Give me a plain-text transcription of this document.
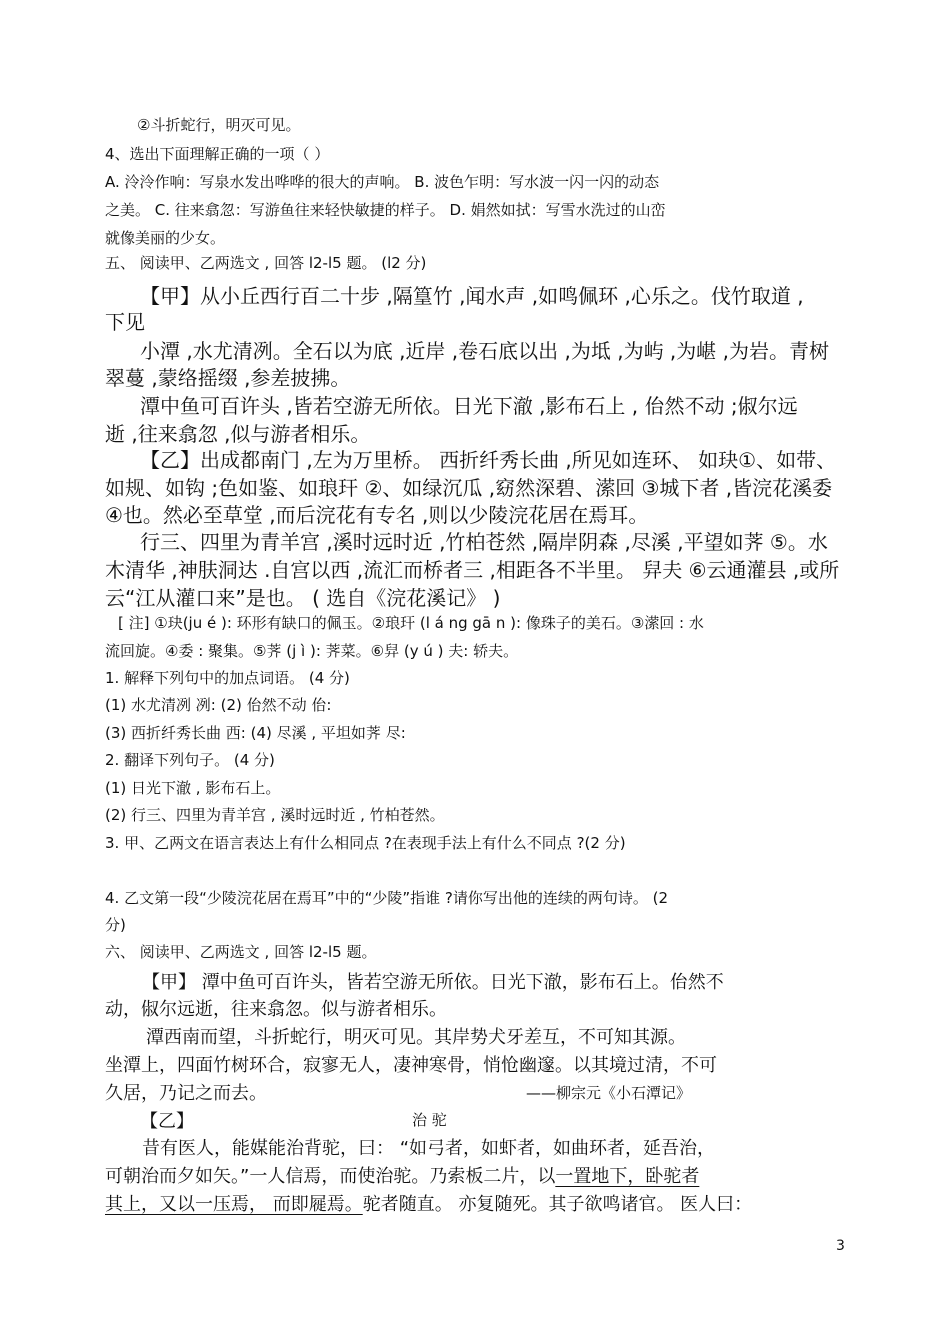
②斗折蛇行，明灭可见。
4、选出下面理解正确的一项（ ）
A. 泠泠作响：写泉水发出哗哗的很大的声响。 B. 波色乍明：写水波一闪一闪的动态
之美。 C. 往来翕忽：写游鱼往来轻快敏捷的样子。 D. 娟然如拭：写雪水洗过的山峦
就像美丽的少女。
五、 阅读甲、乙两选文 , 回答 l2-l5 题。 (l2 分)
【甲】从小丘西行百二十步 ,隔篁竹 ,闻水声 ,如鸣佩环 ,心乐之。伐竹取道 ,
下见
小潭 ,水尤清冽。全石以为底 ,近岸 ,卷石底以出 ,为坻 ,为屿 ,为嵁 ,为岩。青树
翠蔓 ,蒙络摇缀 ,参差披拂。
潭中鱼可百许头 ,皆若空游无所依。日光下澈 ,影布石上 , 佁然不动 ;俶尔远
逝 ,往来翕忽 ,似与游者相乐。
【乙】出成都南门 ,左为万里桥。 西折纤秀长曲 ,所见如连环、 如玦①、如带、
如规、如钩 ;色如鉴、如琅玕 ②、如绿沉瓜 ,窈然深碧、潆回 ③城下者 ,皆浣花溪委
④也。然必至草堂 ,而后浣花有专名 ,则以少陵浣花居在焉耳。
行三、四里为青羊宫 ,溪时远时近 ,竹柏苍然 ,隔岸阴森 ,尽溪 ,平望如荠 ⑤。水
木清华 ,神肤洞达 .自宫以西 ,流汇而桥者三 ,相距各不半里。 舁夫 ⑥云通灌县 ,或所
云“江从灌口来”是也。 ( 选自《浣花溪记》 )
[ 注] ①玦(ju é ): 环形有缺口的佩玉。②琅玕 (l á ng gā n ): 像珠子的美石。③潆回 : 水
流回旋。④委 : 聚集。⑤荠 (j ì ): 荠菜。⑥舁 (y ú ) 夫: 轿夫。
1. 解释下列句中的加点词语。 (4 分)
(1) 水尤清冽 冽: (2) 佁然不动 佁:
(3) 西折纤秀长曲 西: (4) 尽溪 , 平坦如荠 尽:
2. 翻译下列句子。 (4 分)
(1) 日光下澈 , 影布石上。
(2) 行三、四里为青羊宫 , 溪时远时近 , 竹柏苍然。
3. 甲、乙两文在语言表达上有什么相同点 ?在表现手法上有什么不同点 ?(2 分)
4. 乙文第一段“少陵浣花居在焉耳”中的“少陵”指谁 ?请你写出他的连续的两句诗。 (2
分)
六、 阅读甲、乙两选文 , 回答 l2-l5 题。
【甲】 潭中鱼可百许头，皆若空游无所依。日光下澈，影布石上。佁然不
动，俶尔远逝，往来翕忽。似与游者相乐。
潭西南而望，斗折蛇行，明灭可见。其岸势犬牙差互，不可知其源。
坐潭上，四面竹树环合，寂寥无人，凄神寒骨，悄怆幽邃。以其境过清，不可
久居，乃记之而去。	——柳宗元《小石潭记》
【乙】	治 驼
昔有医人，能媒能治背驼，曰： “如弓者，如虾者，如曲环者，延吾治，
可朝治而夕如矢。”一人信焉，而使治驼。乃索板二片，以一置地下，卧驼者
其上，又以一压焉， 而即屣焉。驼者随直。 亦复随死。其子欲鸣诸官。 医人曰：
3
